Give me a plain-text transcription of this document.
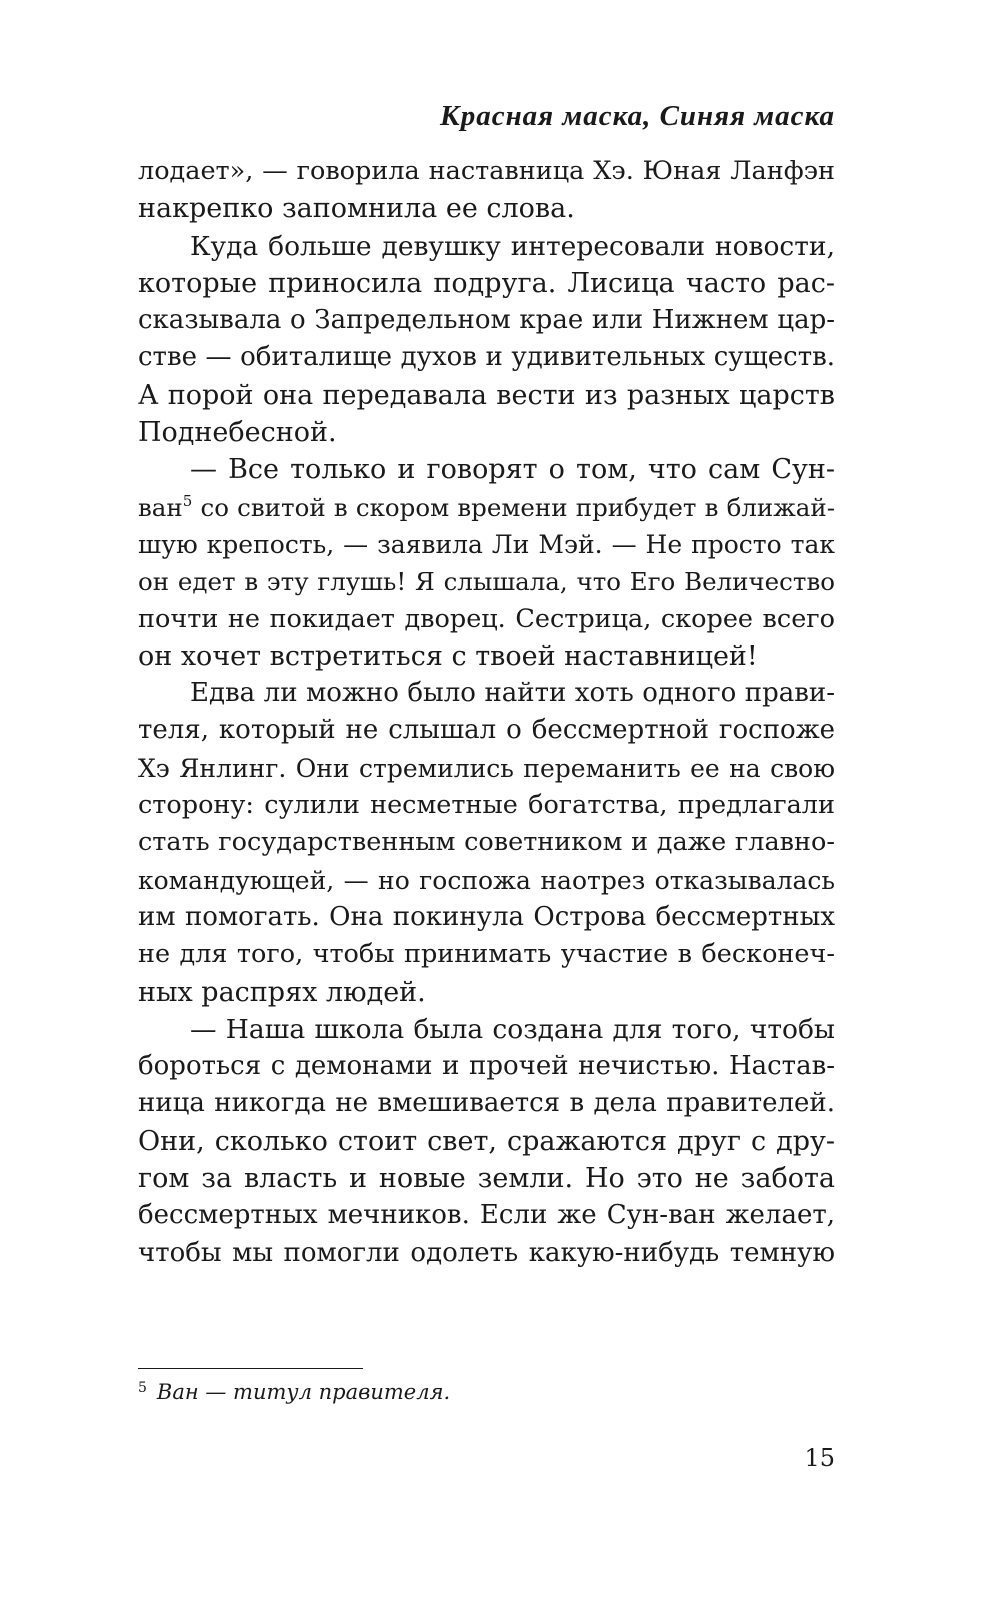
Красная маска, Синяя маска
лодает», — говорила наставница Хэ. Юная Ланфэн
накрепко запомнила ее слова.
Куда больше девушку интересовали новости,
которые приносила подруга. Лисица часто рас-
сказывала о Запредельном крае или Нижнем цар-
стве — обиталище духов и удивительных существ.
А порой она передавала вести из разных царств
Поднебесной.
— Все только и говорят о том, что сам Сун-
ван$^5$ со свитой в скором времени прибудет в ближай-
шую крепость, — заявила Ли Мэй. — Не просто так
он едет в эту глушь! Я слышала, что Его Величество
почти не покидает дворец. Сестрица, скорее всего
он хочет встретиться с твоей наставницей!
Едва ли можно было найти хоть одного прави-
теля, который не слышал о бессмертной госпоже
Хэ Янлинг. Они стремились переманить ее на свою
сторону: сулили несметные богатства, предлагали
стать государственным советником и даже главно-
командующей, — но госпожа наотрез отказывалась
им помогать. Она покинула Острова бессмертных
не для того, чтобы принимать участие в бесконеч-
ных распрях людей.
— Наша школа была создана для того, чтобы
бороться с демонами и прочей нечистью. Настав-
ница никогда не вмешивается в дела правителей.
Они, сколько стоит свет, сражаются друг с дру-
гом за власть и новые земли. Но это не забота
бессмертных мечников. Если же Сун-ван желает,
чтобы мы помогли одолеть какую-нибудь темную
$^5$ Ван — титул правителя.
15
